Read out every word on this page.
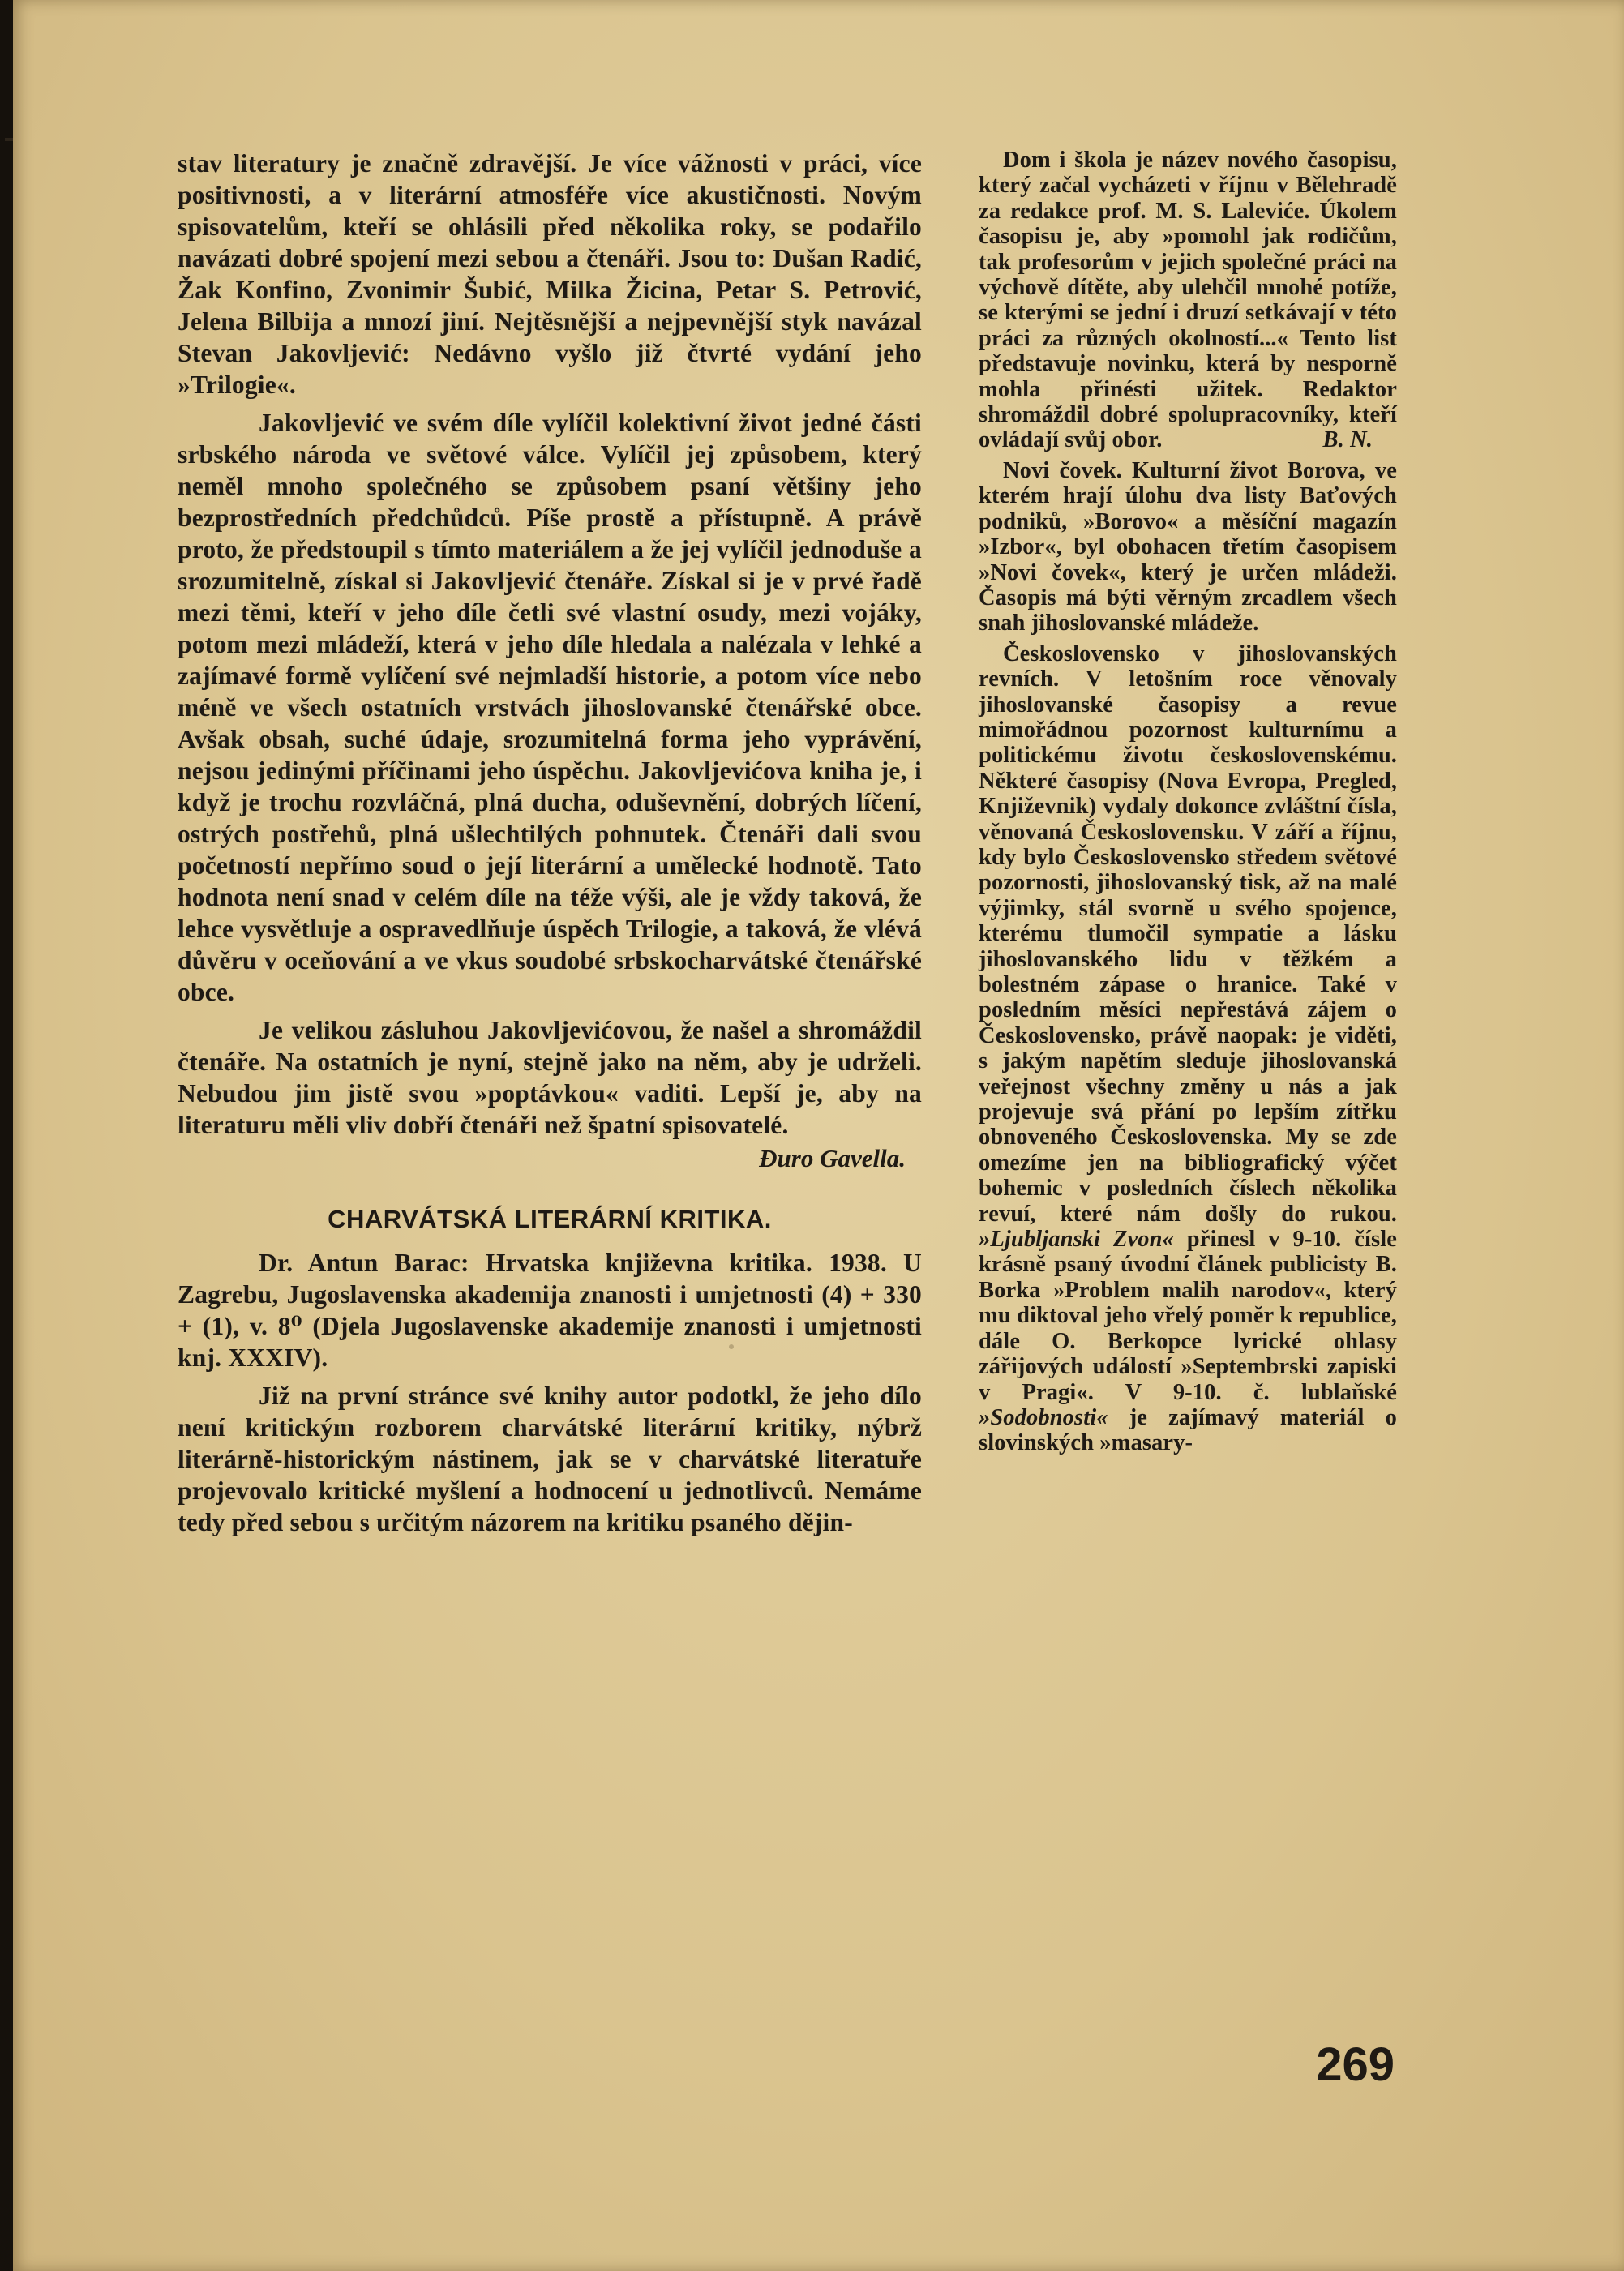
stav literatury je značně zdravější. Je více vážnosti v práci, více positivnosti, a v literární atmosféře více akustičnosti. Novým spisovatelům, kteří se ohlásili před několika roky, se podařilo navázati dobré spojení mezi sebou a čtenáři. Jsou to: Dušan Radić, Žak Konfino, Zvonimir Šubić, Milka Žicina, Petar S. Petrović, Jelena Bilbija a mnozí jiní. Nejtěsnější a nejpevnější styk navázal Stevan Jakovljević: Nedávno vyšlo již čtvrté vydání jeho »Trilogie«.

Jakovljević ve svém díle vylíčil kolektivní život jedné části srbského národa ve světové válce. Vylíčil jej způsobem, který neměl mnoho společného se způsobem psaní většiny jeho bezprostředních předchůdců. Píše prostě a přístupně. A právě proto, že předstoupil s tímto materiálem a že jej vylíčil jednoduše a srozumitelně, získal si Jakovljević čtenáře. Získal si je v prvé řadě mezi těmi, kteří v jeho díle četli své vlastní osudy, mezi vojáky, potom mezi mládeží, která v jeho díle hledala a nalézala v lehké a zajímavé formě vylíčení své nejmladší historie, a potom více nebo méně ve všech ostatních vrstvách jihoslovanské čtenářské obce. Avšak obsah, suché údaje, srozumitelná forma jeho vyprávění, nejsou jedinými příčinami jeho úspěchu. Jakovljevićova kniha je, i když je trochu rozvláčná, plná ducha, oduševnění, dobrých líčení, ostrých postřehů, plná ušlechtilých pohnutek. Čtenáři dali svou početností nepřímo soud o její literární a umělecké hodnotě. Tato hodnota není snad v celém díle na téže výši, ale je vždy taková, že lehce vysvětluje a ospravedlňuje úspěch Trilogie, a taková, že vlévá důvěru v oceňování a ve vkus soudobé srbskocharvátské čtenářské obce.

Je velikou zásluhou Jakovljevićovou, že našel a shromáždil čtenáře. Na ostatních je nyní, stejně jako na něm, aby je udrželi. Nebudou jim jistě svou »poptávkou« vaditi. Lepší je, aby na literaturu měli vliv dobří čtenáři než špatní spisovatelé.

Đuro Gavella.

CHARVÁTSKÁ LITERÁRNÍ KRITIKA.

Dr. Antun Barac: Hrvatska književna kritika. 1938. U Zagrebu, Jugoslavenska akademija znanosti i umjetnosti (4) + 330 + (1), v. 8⁰ (Djela Jugoslavenske akademije znanosti i umjetnosti knj. XXXIV).

Již na první stránce své knihy autor podotkl, že jeho dílo není kritickým rozborem charvátské literární kritiky, nýbrž literárně-historickým nástinem, jak se v charvátské literatuře projevovalo kritické myšlení a hodnocení u jednotlivců. Nemáme tedy před sebou s určitým názorem na kritiku psaného dějin-

Dom i škola je název nového časopisu, který začal vycházeti v říjnu v Bělehradě za redakce prof. M. S. Laleviće. Úkolem časopisu je, aby »pomohl jak rodičům, tak profesorům v jejich společné práci na výchově dítěte, aby ulehčil mnohé potíže, se kterými se jední i druzí setkávají v této práci za různých okolností...« Tento list představuje novinku, která by nesporně mohla přinésti užitek. Redaktor shromáždil dobré spolupracovníky, kteří ovládají svůj obor.	B. N.

Novi čovek. Kulturní život Borova, ve kterém hrají úlohu dva listy Baťových podniků, »Borovo« a měsíční magazín »Izbor«, byl obohacen třetím časopisem »Novi čovek«, který je určen mládeži. Časopis má býti věrným zrcadlem všech snah jihoslovanské mládeže.

Československo v jihoslovanských revních. V letošním roce věnovaly jihoslovanské časopisy a revue mimořádnou pozornost kulturnímu a politickému životu československému. Některé časopisy (Nova Evropa, Pregled, Književnik) vydaly dokonce zvláštní čísla, věnovaná Československu. V září a říjnu, kdy bylo Československo středem světové pozornosti, jihoslovanský tisk, až na malé výjimky, stál svorně u svého spojence, kterému tlumočil sympatie a lásku jihoslovanského lidu v těžkém a bolestném zápase o hranice. Také v posledním měsíci nepřestává zájem o Československo, právě naopak: je viděti, s jakým napětím sleduje jihoslovanská veřejnost všechny změny u nás a jak projevuje svá přání po lepším zítřku obnoveného Československa. My se zde omezíme jen na bibliografický výčet bohemic v posledních číslech několika revuí, které nám došly do rukou. »Ljubljanski Zvon« přinesl v 9-10. čísle krásně psaný úvodní článek publicisty B. Borka »Problem malih narodov«, který mu diktoval jeho vřelý poměr k republice, dále O. Berkopce lyrické ohlasy zářijových událostí »Septembrski zapiski v Pragi«. V 9-10. č. lublaňské »Sodobnosti« je zajímavý materiál o slovinských »masary-

269
